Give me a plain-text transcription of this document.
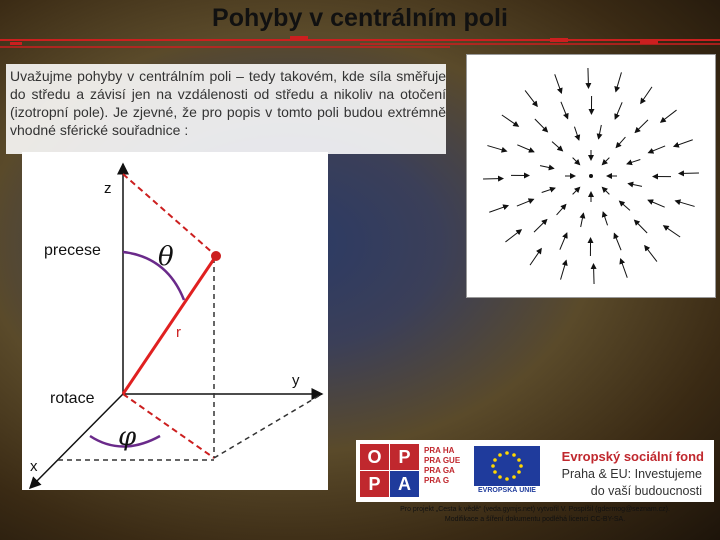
Pohyby v centrálním poli

Uvažujme pohyby v centrálním poli – tedy takovém, kde síla směřuje do středu a závisí jen na vzdálenosti od středu a nikoliv na otočení (izotropní pole). Je zjevné, že pro popis v tomto poli budou extrémně vhodné sférické souřadnice :

z
y
x
precese
rotace
θ
r
φ
O P
P A
PRA HA
PRA GUE
PRA GA
PRA G
EVROPSKÁ UNIE
Evropský sociální fond
Praha & EU: Investujeme
do vaší budoucnosti
Pro projekt „Cesta k vědě“ (veda.gymjs.net) vytvořil V. Pospíšil (gdermog@seznam.cz).
Modifikace a šíření dokumentu podléhá licenci CC-BY-SA.
